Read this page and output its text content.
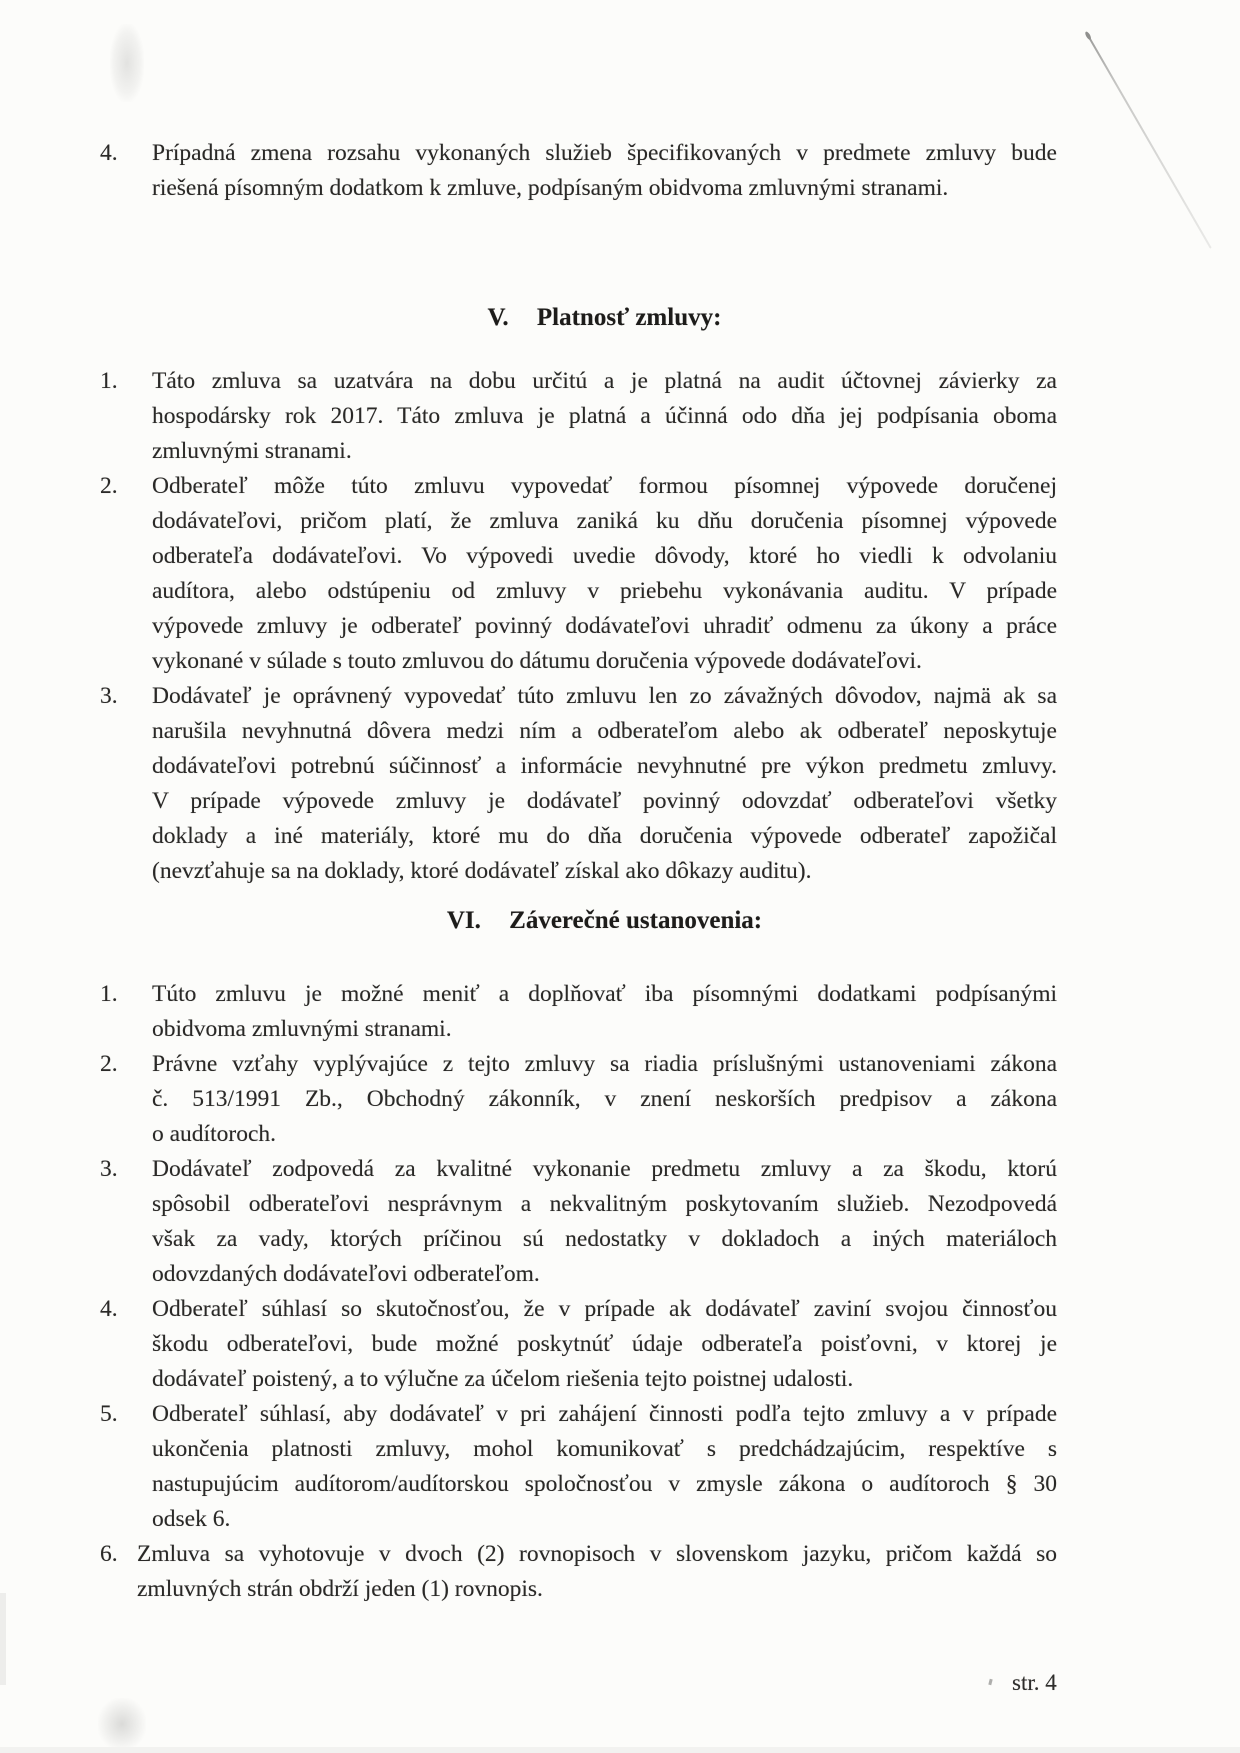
4.	Prípadná zmena rozsahu vykonaných služieb špecifikovaných v predmete zmluvy bude
riešená písomným dodatkom k zmluve, podpísaným obidvoma zmluvnými stranami.
V. Platnosť zmluvy:
1.	Táto zmluva sa uzatvára na dobu určitú a je platná na audit účtovnej závierky za
hospodársky rok 2017. Táto zmluva je platná a účinná odo dňa jej podpísania oboma
zmluvnými stranami.
2.	Odberateľ môže túto zmluvu vypovedať formou písomnej výpovede doručenej
dodávateľovi, pričom platí, že zmluva zaniká ku dňu doručenia písomnej výpovede
odberateľa dodávateľovi. Vo výpovedi uvedie dôvody, ktoré ho viedli k odvolaniu
audítora, alebo odstúpeniu od zmluvy v priebehu vykonávania auditu. V prípade
výpovede zmluvy je odberateľ povinný dodávateľovi uhradiť odmenu za úkony a práce
vykonané v súlade s touto zmluvou do dátumu doručenia výpovede dodávateľovi.
3.	Dodávateľ je oprávnený vypovedať túto zmluvu len zo závažných dôvodov, najmä ak sa
narušila nevyhnutná dôvera medzi ním a odberateľom alebo ak odberateľ neposkytuje
dodávateľovi potrebnú súčinnosť a informácie nevyhnutné pre výkon predmetu zmluvy.
V prípade výpovede zmluvy je dodávateľ povinný odovzdať odberateľovi všetky
doklady a iné materiály, ktoré mu do dňa doručenia výpovede odberateľ zapožičal
(nevzťahuje sa na doklady, ktoré dodávateľ získal ako dôkazy auditu).
VI. Záverečné ustanovenia:
1.	Túto zmluvu je možné meniť a doplňovať iba písomnými dodatkami podpísanými
obidvoma zmluvnými stranami.
2.	Právne vzťahy vyplývajúce z tejto zmluvy sa riadia príslušnými ustanoveniami zákona
č. 513/1991 Zb., Obchodný zákonník, v znení neskorších predpisov a zákona
o audítoroch.
3.	Dodávateľ zodpovedá za kvalitné vykonanie predmetu zmluvy a za škodu, ktorú
spôsobil odberateľovi nesprávnym a nekvalitným poskytovaním služieb. Nezodpovedá
však za vady, ktorých príčinou sú nedostatky v dokladoch a iných materiáloch
odovzdaných dodávateľovi odberateľom.
4.	Odberateľ súhlasí so skutočnosťou, že v prípade ak dodávateľ zaviní svojou činnosťou
škodu odberateľovi, bude možné poskytnúť údaje odberateľa poisťovni, v ktorej je
dodávateľ poistený, a to výlučne za účelom riešenia tejto poistnej udalosti.
5.	Odberateľ súhlasí, aby dodávateľ v pri zahájení činnosti podľa tejto zmluvy a v prípade
ukončenia platnosti zmluvy, mohol komunikovať s predchádzajúcim, respektíve s
nastupujúcim audítorom/audítorskou spoločnosťou v zmysle zákona o audítoroch § 30
odsek 6.
6. Zmluva sa vyhotovuje v dvoch (2) rovnopisoch v slovenskom jazyku, pričom každá so
zmluvných strán obdrží jeden (1) rovnopis.
str. 4
